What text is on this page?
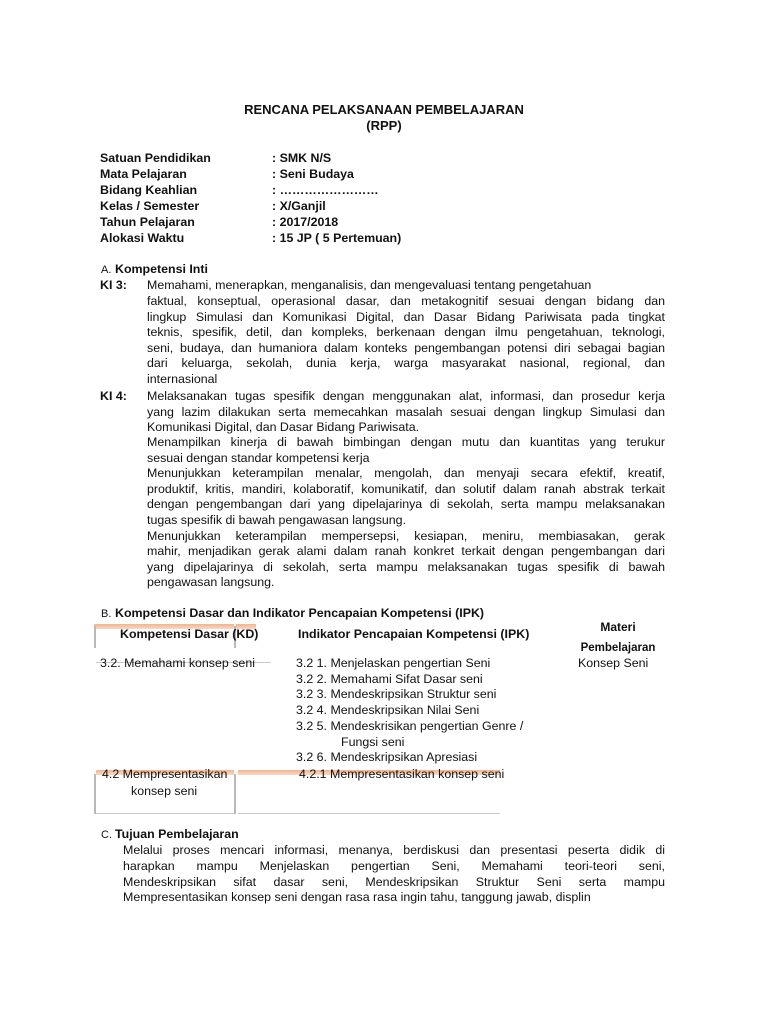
RENCANA PELAKSANAAN PEMBELAJARAN
(RPP)
Satuan Pendidikan	: SMK N/S
Mata Pelajaran	: Seni Budaya
Bidang Keahlian	: ……………………
Kelas / Semester	: X/Ganjil
Tahun Pelajaran	: 2017/2018
Alokasi Waktu	: 15 JP ( 5 Pertemuan)
A. Kompetensi Inti
KI 3: Memahami, menerapkan, menganalisis, dan mengevaluasi tentang pengetahuan
faktual, konseptual, operasional dasar, dan metakognitif sesuai dengan bidang dan
lingkup Simulasi dan Komunikasi Digital, dan Dasar Bidang Pariwisata pada tingkat
teknis, spesifik, detil, dan kompleks, berkenaan dengan ilmu pengetahuan, teknologi,
seni, budaya, dan humaniora dalam konteks pengembangan potensi diri sebagai bagian
dari keluarga, sekolah, dunia kerja, warga masyarakat nasional, regional, dan
internasional
KI 4: Melaksanakan tugas spesifik dengan menggunakan alat, informasi, dan prosedur kerja
yang lazim dilakukan serta memecahkan masalah sesuai dengan lingkup Simulasi dan
Komunikasi Digital, dan Dasar Bidang Pariwisata.
Menampilkan kinerja di bawah bimbingan dengan mutu dan kuantitas yang terukur
sesuai dengan standar kompetensi kerja
Menunjukkan keterampilan menalar, mengolah, dan menyaji secara efektif, kreatif,
produktif, kritis, mandiri, kolaboratif, komunikatif, dan solutif dalam ranah abstrak terkait
dengan pengembangan dari yang dipelajarinya di sekolah, serta mampu melaksanakan
tugas spesifik di bawah pengawasan langsung.
Menunjukkan keterampilan mempersepsi, kesiapan, meniru, membiasakan, gerak
mahir, menjadikan gerak alami dalam ranah konkret terkait dengan pengembangan dari
yang dipelajarinya di sekolah, serta mampu melaksanakan tugas spesifik di bawah
pengawasan langsung.
B. Kompetensi Dasar dan Indikator Pencapaian Kompetensi (IPK)
Kompetensi Dasar (KD)	Indikator Pencapaian Kompetensi (IPK)	Materi
Pembelajaran
3.2. Memahami konsep seni	3.2 1. Menjelaskan pengertian Seni	Konsep Seni
3.2 2. Memahami Sifat Dasar seni
3.2 3. Mendeskripsikan Struktur seni
3.2 4. Mendeskripsikan Nilai Seni
3.2 5. Mendeskrisikan pengertian Genre /
Fungsi seni
3.2 6. Mendeskripsikan Apresiasi
4.2 Mempresentasikan	4.2.1 Mempresentasikan konsep seni
konsep seni
C. Tujuan Pembelajaran
Melalui proses mencari informasi, menanya, berdiskusi dan presentasi peserta didik di
harapkan mampu Menjelaskan pengertian Seni, Memahami teori-teori seni,
Mendeskripsikan sifat dasar seni, Mendeskripsikan Struktur Seni serta mampu
Mempresentasikan konsep seni dengan rasa rasa ingin tahu, tanggung jawab, displin
